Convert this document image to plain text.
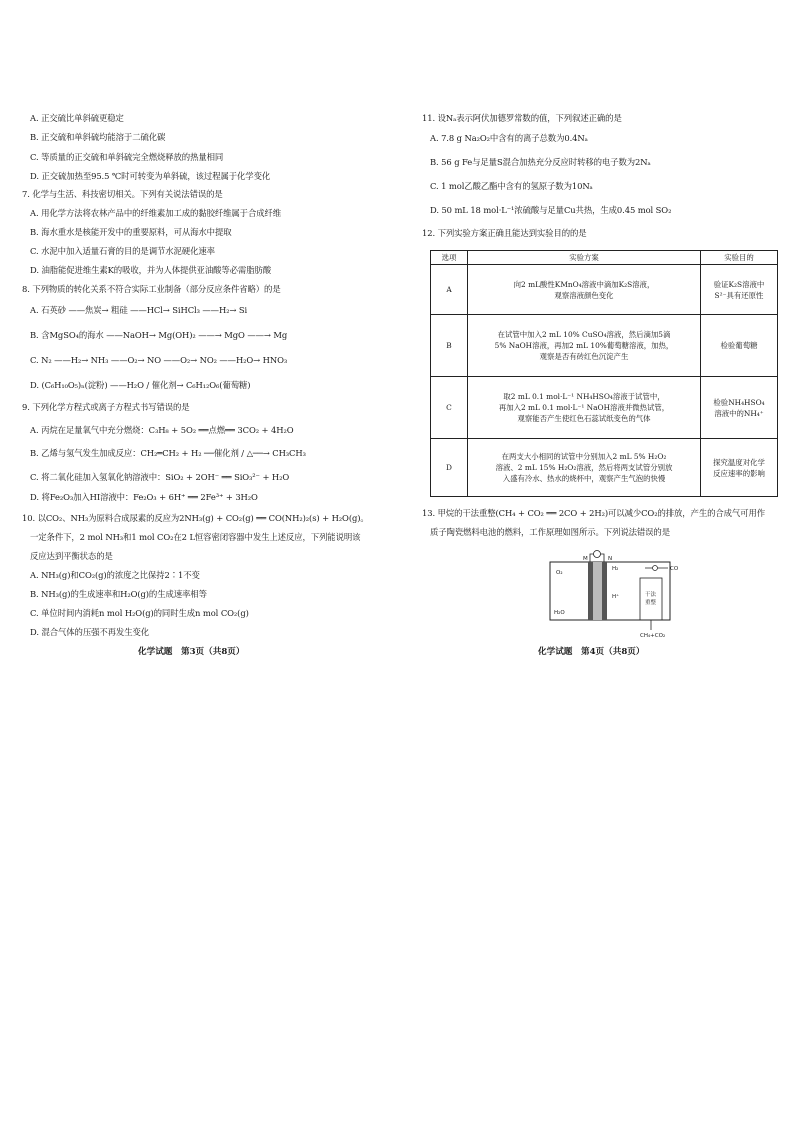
A. 正交硫比单斜硫更稳定
B. 正交硫和单斜硫均能溶于二硫化碳
C. 等质量的正交硫和单斜硫完全燃烧释放的热量相同
D. 正交硫加热至95.5 ℃时可转变为单斜硫，该过程属于化学变化
7. 化学与生活、科技密切相关。下列有关说法错误的是
A. 用化学方法将农林产品中的纤维素加工成的黏胶纤维属于合成纤维
B. 海水重水是核能开发中的重要原料，可从海水中提取
C. 水泥中加入适量石膏的目的是调节水泥硬化速率
D. 油脂能促进维生素K的吸收，并为人体提供亚油酸等必需脂肪酸
8. 下列物质的转化关系不符合实际工业制备（部分反应条件省略）的是
A. 石英砂 ——焦炭→ 粗硅 ——HCl→ SiHCl₃ ——H₂→ Si
B. 含MgSO₄的海水 ——NaOH→ Mg(OH)₂ ——→ MgO ——→ Mg
C. N₂ ——H₂→ NH₃ ——O₂→ NO ——O₂→ NO₂ ——H₂O→ HNO₃
D. (C₆H₁₀O₅)ₙ(淀粉) ——H₂O / 催化剂→ C₆H₁₂O₆(葡萄糖)
9. 下列化学方程式或离子方程式书写错误的是
A. 丙烷在足量氧气中充分燃烧：C₃H₈ + 5O₂ ══点燃══ 3CO₂ + 4H₂O
B. 乙烯与氢气发生加成反应：CH₂═CH₂ + H₂ ──催化剂 / △──→ CH₃CH₃
C. 将二氧化硅加入氢氧化钠溶液中：SiO₂ + 2OH⁻ ══ SiO₃²⁻ + H₂O
D. 将Fe₂O₃加入HI溶液中：Fe₂O₃ + 6H⁺ ══ 2Fe³⁺ + 3H₂O
10. 以CO₂、NH₃为原料合成尿素的反应为2NH₃(g) + CO₂(g) ══ CO(NH₂)₂(s) + H₂O(g)。
一定条件下，2 mol NH₃和1 mol CO₂在2 L恒容密闭容器中发生上述反应，下列能说明该
反应达到平衡状态的是
A. NH₃(g)和CO₂(g)的浓度之比保持2∶1不变
B. NH₃(g)的生成速率和H₂O(g)的生成速率相等
C. 单位时间内消耗n mol H₂O(g)的同时生成n mol CO₂(g)
D. 混合气体的压强不再发生变化
化学试题　第3页（共8页）
11. 设Nₐ表示阿伏加德罗常数的值，下列叙述正确的是
A. 7.8 g Na₂O₂中含有的离子总数为0.4Nₐ
B. 56 g Fe与足量S混合加热充分反应时转移的电子数为2Nₐ
C. 1 mol乙酸乙酯中含有的氢原子数为10Nₐ
D. 50 mL 18 mol·L⁻¹浓硫酸与足量Cu共热，生成0.45 mol SO₂
12. 下列实验方案正确且能达到实验目的的是
选项	实验方案	实验目的
A	向2 mL酸性KMnO₄溶液中滴加K₂S溶液，
观察溶液颜色变化	验证K₂S溶液中
S²⁻具有还原性

B	在试管中加入2 mL 10% CuSO₄溶液，然后滴加5滴
5% NaOH溶液，再加2 mL 10%葡萄糖溶液，加热，
观察是否有砖红色沉淀产生	检验葡萄糖

C	取2 mL 0.1 mol·L⁻¹ NH₄HSO₄溶液于试管中，
再加入2 mL 0.1 mol·L⁻¹ NaOH溶液并微热试管，
观察能否产生使红色石蕊试纸变色的气体	检验NH₄HSO₄
溶液中的NH₄⁺

D	在两支大小相同的试管中分别加入2 mL 5% H₂O₂
溶液、2 mL 15% H₂O₂溶液，然后将两支试管分别放
入盛有冷水、热水的烧杯中，观察产生气泡的快慢	探究温度对化学
反应速率的影响
13. 甲烷的干法重整(CH₄ + CO₂ ══ 2CO + 2H₂)可以减少CO₂的排放，产生的合成气可用作
质子陶瓷燃料电池的燃料，工作原理如图所示。下列说法错误的是
M	N
O₂
H₂O
H⁺
H₂	CO
干法
重整
CH₄+CO₂
化学试题　第4页（共8页）
